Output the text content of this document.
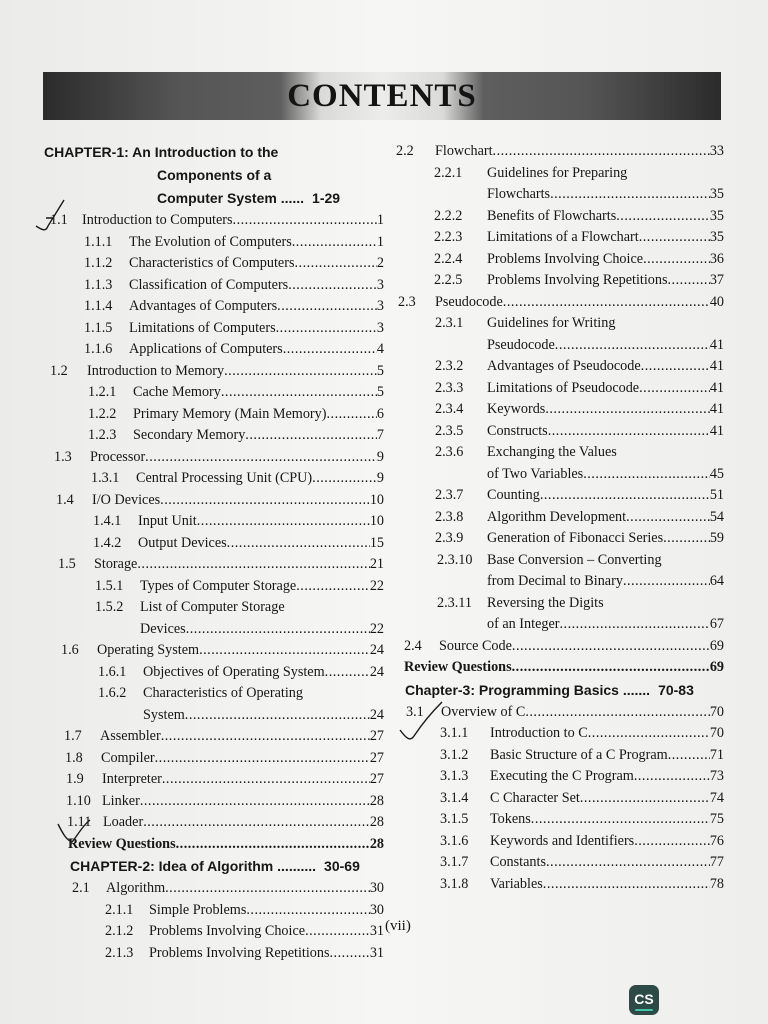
CONTENTS
CHAPTER-1: An Introduction to the
Components of a
Computer System ...... 1-29
1.1 Introduction to Computers .....	1
1.1.1 The Evolution of Computers .....	1
1.1.2 Characteristics of Computers .....	2
1.1.3 Classification of Computers .....	3
1.1.4 Advantages of Computers .....	3
1.1.5 Limitations of Computers .....	3
1.1.6 Applications of Computers .....	4
1.2 Introduction to Memory .....	5
1.2.1 Cache Memory .....	5
1.2.2 Primary Memory (Main Memory) .....	6
1.2.3 Secondary Memory .....	7
1.3 Processor .....	9
1.3.1 Central Processing Unit (CPU) .....	9
1.4 I/O Devices .....	10
1.4.1 Input Unit .....	10
1.4.2 Output Devices .....	15
1.5 Storage .....	21
1.5.1 Types of Computer Storage .....	22
1.5.2 List of Computer Storage
Devices .....	22
1.6 Operating System .....	24
1.6.1 Objectives of Operating System .....	24
1.6.2 Characteristics of Operating
System .....	24
1.7 Assembler .....	27
1.8 Compiler .....	27
1.9 Interpreter .....	27
1.10 Linker .....	28
1.11 Loader .....	28
Review Questions .....	28
CHAPTER-2: Idea of Algorithm .......... 30-69
2.1 Algorithm .....	30
2.1.1 Simple Problems .....	30
2.1.2 Problems Involving Choice .....	31
2.1.3 Problems Involving Repetitions .....	31
2.2 Flowchart .....	33
2.2.1 Guidelines for Preparing
Flowcharts .....	35
2.2.2 Benefits of Flowcharts .....	35
2.2.3 Limitations of a Flowchart .....	35
2.2.4 Problems Involving Choice .....	36
2.2.5 Problems Involving Repetitions .....	37
2.3 Pseudocode .....	40
2.3.1 Guidelines for Writing
Pseudocode .....	41
2.3.2 Advantages of Pseudocode .....	41
2.3.3 Limitations of Pseudocode .....	41
2.3.4 Keywords .....	41
2.3.5 Constructs .....	41
2.3.6 Exchanging the Values
of Two Variables .....	45
2.3.7 Counting .....	51
2.3.8 Algorithm Development .....	54
2.3.9 Generation of Fibonacci Series .....	59
2.3.10 Base Conversion – Converting
from Decimal to Binary .....	64
2.3.11 Reversing the Digits
of an Integer .....	67
2.4 Source Code .....	69
Review Questions .....	69
Chapter-3: Programming Basics ....... 70-83
3.1 Overview of C .....	70
3.1.1 Introduction to C .....	70
3.1.2 Basic Structure of a C Program .....	71
3.1.3 Executing the C Program .....	73
3.1.4 C Character Set .....	74
3.1.5 Tokens .....	75
3.1.6 Keywords and Identifiers .....	76
3.1.7 Constants .....	77
3.1.8 Variables .....	78
(vii)
CS
